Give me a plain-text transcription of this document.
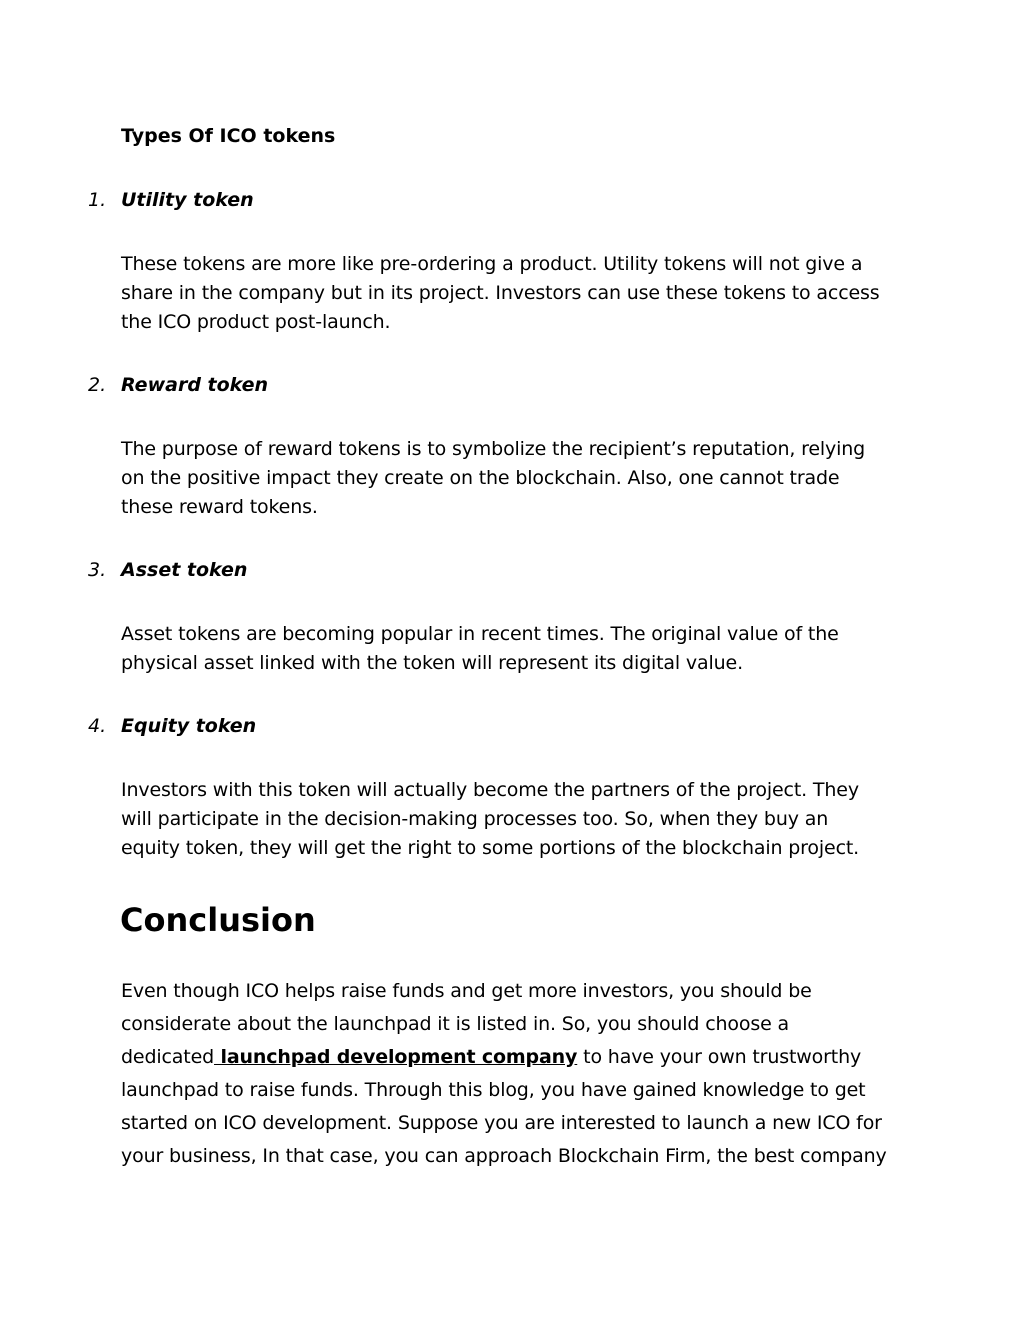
Types Of ICO tokens
1. Utility token

These tokens are more like pre-ordering a product. Utility tokens will not give a
share in the company but in its project. Investors can use these tokens to access
the ICO product post-launch.

2. Reward token

The purpose of reward tokens is to symbolize the recipient’s reputation, relying
on the positive impact they create on the blockchain. Also, one cannot trade
these reward tokens.

3. Asset token

Asset tokens are becoming popular in recent times. The original value of the
physical asset linked with the token will represent its digital value.

4. Equity token

Investors with this token will actually become the partners of the project. They
will participate in the decision-making processes too. So, when they buy an
equity token, they will get the right to some portions of the blockchain project.

Conclusion

Even though ICO helps raise funds and get more investors, you should be
considerate about the launchpad it is listed in. So, you should choose a
dedicated launchpad development company to have your own trustworthy
launchpad to raise funds. Through this blog, you have gained knowledge to get
started on ICO development. Suppose you are interested to launch a new ICO for
your business, In that case, you can approach Blockchain Firm, the best company
